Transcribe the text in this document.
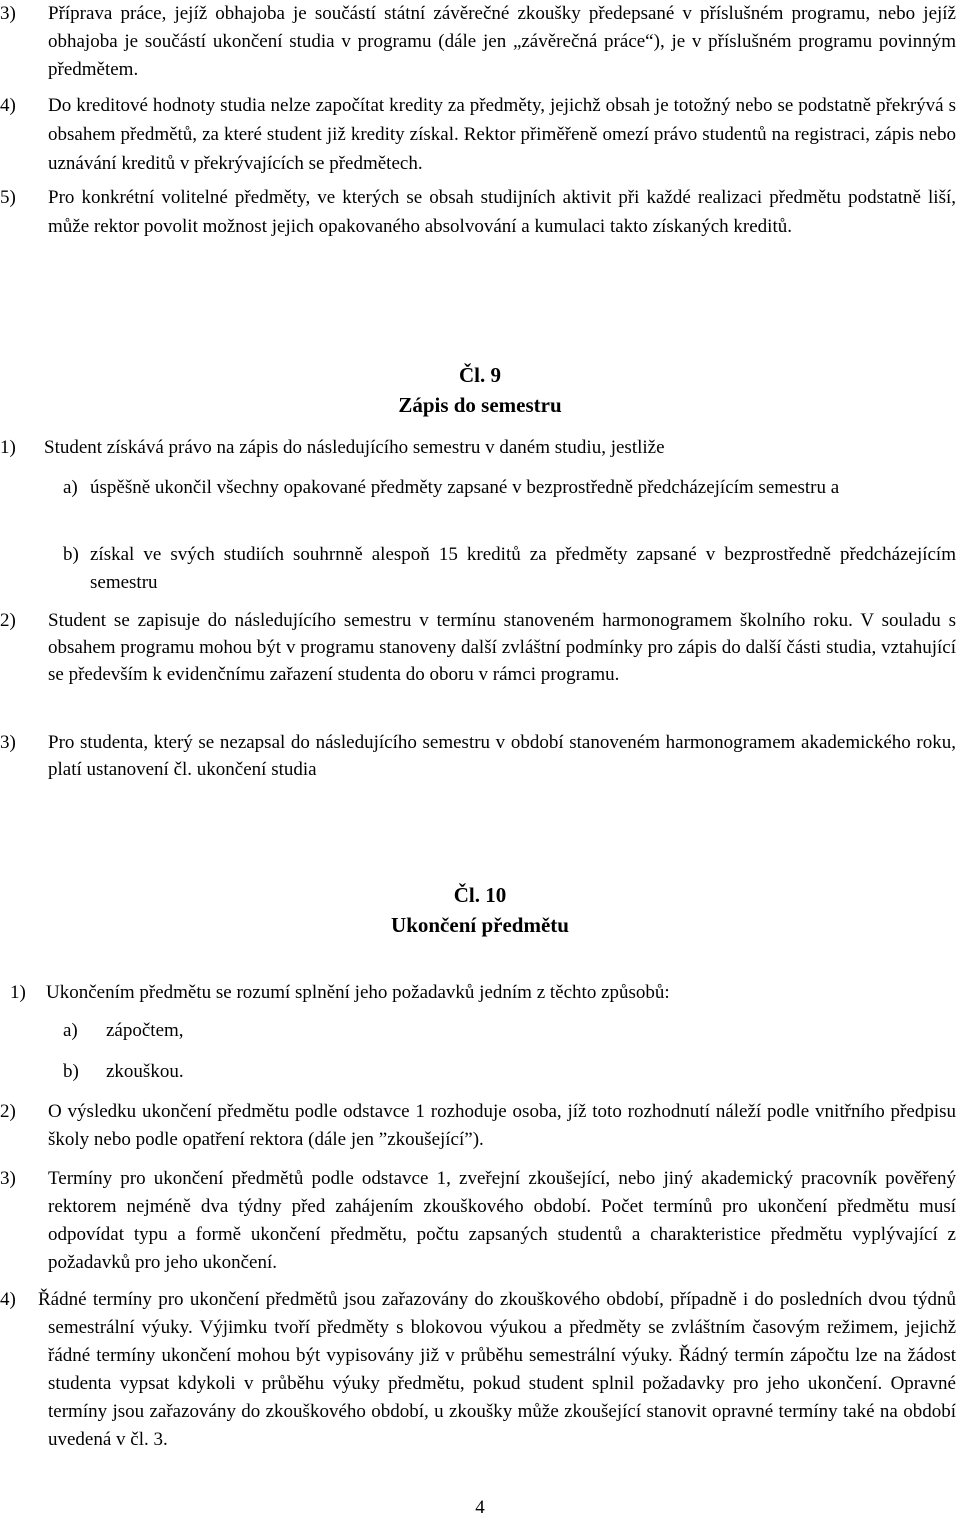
3)	Příprava práce, jejíž obhajoba je součástí státní závěrečné zkoušky předepsané v příslušném programu, nebo jejíž obhajoba je součástí ukončení studia v programu (dále jen „závěrečná práce“), je v příslušném programu povinným předmětem.
4)	Do kreditové hodnoty studia nelze započítat kredity za předměty, jejichž obsah je totožný nebo se podstatně překrývá s obsahem předmětů, za které student již kredity získal. Rektor přiměřeně omezí právo studentů na registraci, zápis nebo uznávání kreditů v překrývajících se předmětech.
5)	Pro konkrétní volitelné předměty, ve kterých se obsah studijních aktivit při každé realizaci předmětu podstatně liší, může rektor povolit možnost jejich opakovaného absolvování a kumulaci takto získaných kreditů.
Čl. 9
Zápis do semestru
1)	Student získává právo na zápis do následujícího semestru v daném studiu, jestliže
a) úspěšně ukončil všechny opakované předměty zapsané v bezprostředně předcházejícím semestru a
b) získal ve svých studiích souhrnně alespoň 15 kreditů za předměty zapsané v bezprostředně předcházejícím semestru
2)	Student se zapisuje do následujícího semestru v termínu stanoveném harmonogramem školního roku. V souladu s obsahem programu mohou být v programu stanoveny další zvláštní podmínky pro zápis do další části studia, vztahující se především k evidenčnímu zařazení studenta do oboru v rámci programu.
3)	Pro studenta, který se nezapsal do následujícího semestru v období stanoveném harmonogramem akademického roku, platí ustanovení čl. ukončení studia
Čl. 10
Ukončení předmětu
1)	Ukončením předmětu se rozumí splnění jeho požadavků jedním z těchto způsobů:
a)	zápočtem,
b)	zkouškou.
2)	O výsledku ukončení předmětu podle odstavce 1 rozhoduje osoba, jíž toto rozhodnutí náleží podle vnitřního předpisu školy nebo podle opatření rektora (dále jen ”zkoušející”).
3)	Termíny pro ukončení předmětů podle odstavce 1, zveřejní zkoušející, nebo jiný akademický pracovník pověřený rektorem nejméně dva týdny před zahájením zkouškového období. Počet termínů pro ukončení předmětu musí odpovídat typu a formě ukončení předmětu, počtu zapsaných studentů a charakteristice předmětu vyplývající z požadavků pro jeho ukončení.
4)	Řádné termíny pro ukončení předmětů jsou zařazovány do zkouškového období, případně i do posledních dvou týdnů semestrální výuky. Výjimku tvoří předměty s blokovou výukou a předměty se zvláštním časovým režimem, jejichž řádné termíny ukončení mohou být vypisovány již v průběhu semestrální výuky. Řádný termín zápočtu lze na žádost studenta vypsat kdykoli v průběhu výuky předmětu, pokud student splnil požadavky pro jeho ukončení. Opravné termíny jsou zařazovány do zkouškového období, u zkoušky může zkoušející stanovit opravné termíny také na období uvedená v čl. 3.
4
